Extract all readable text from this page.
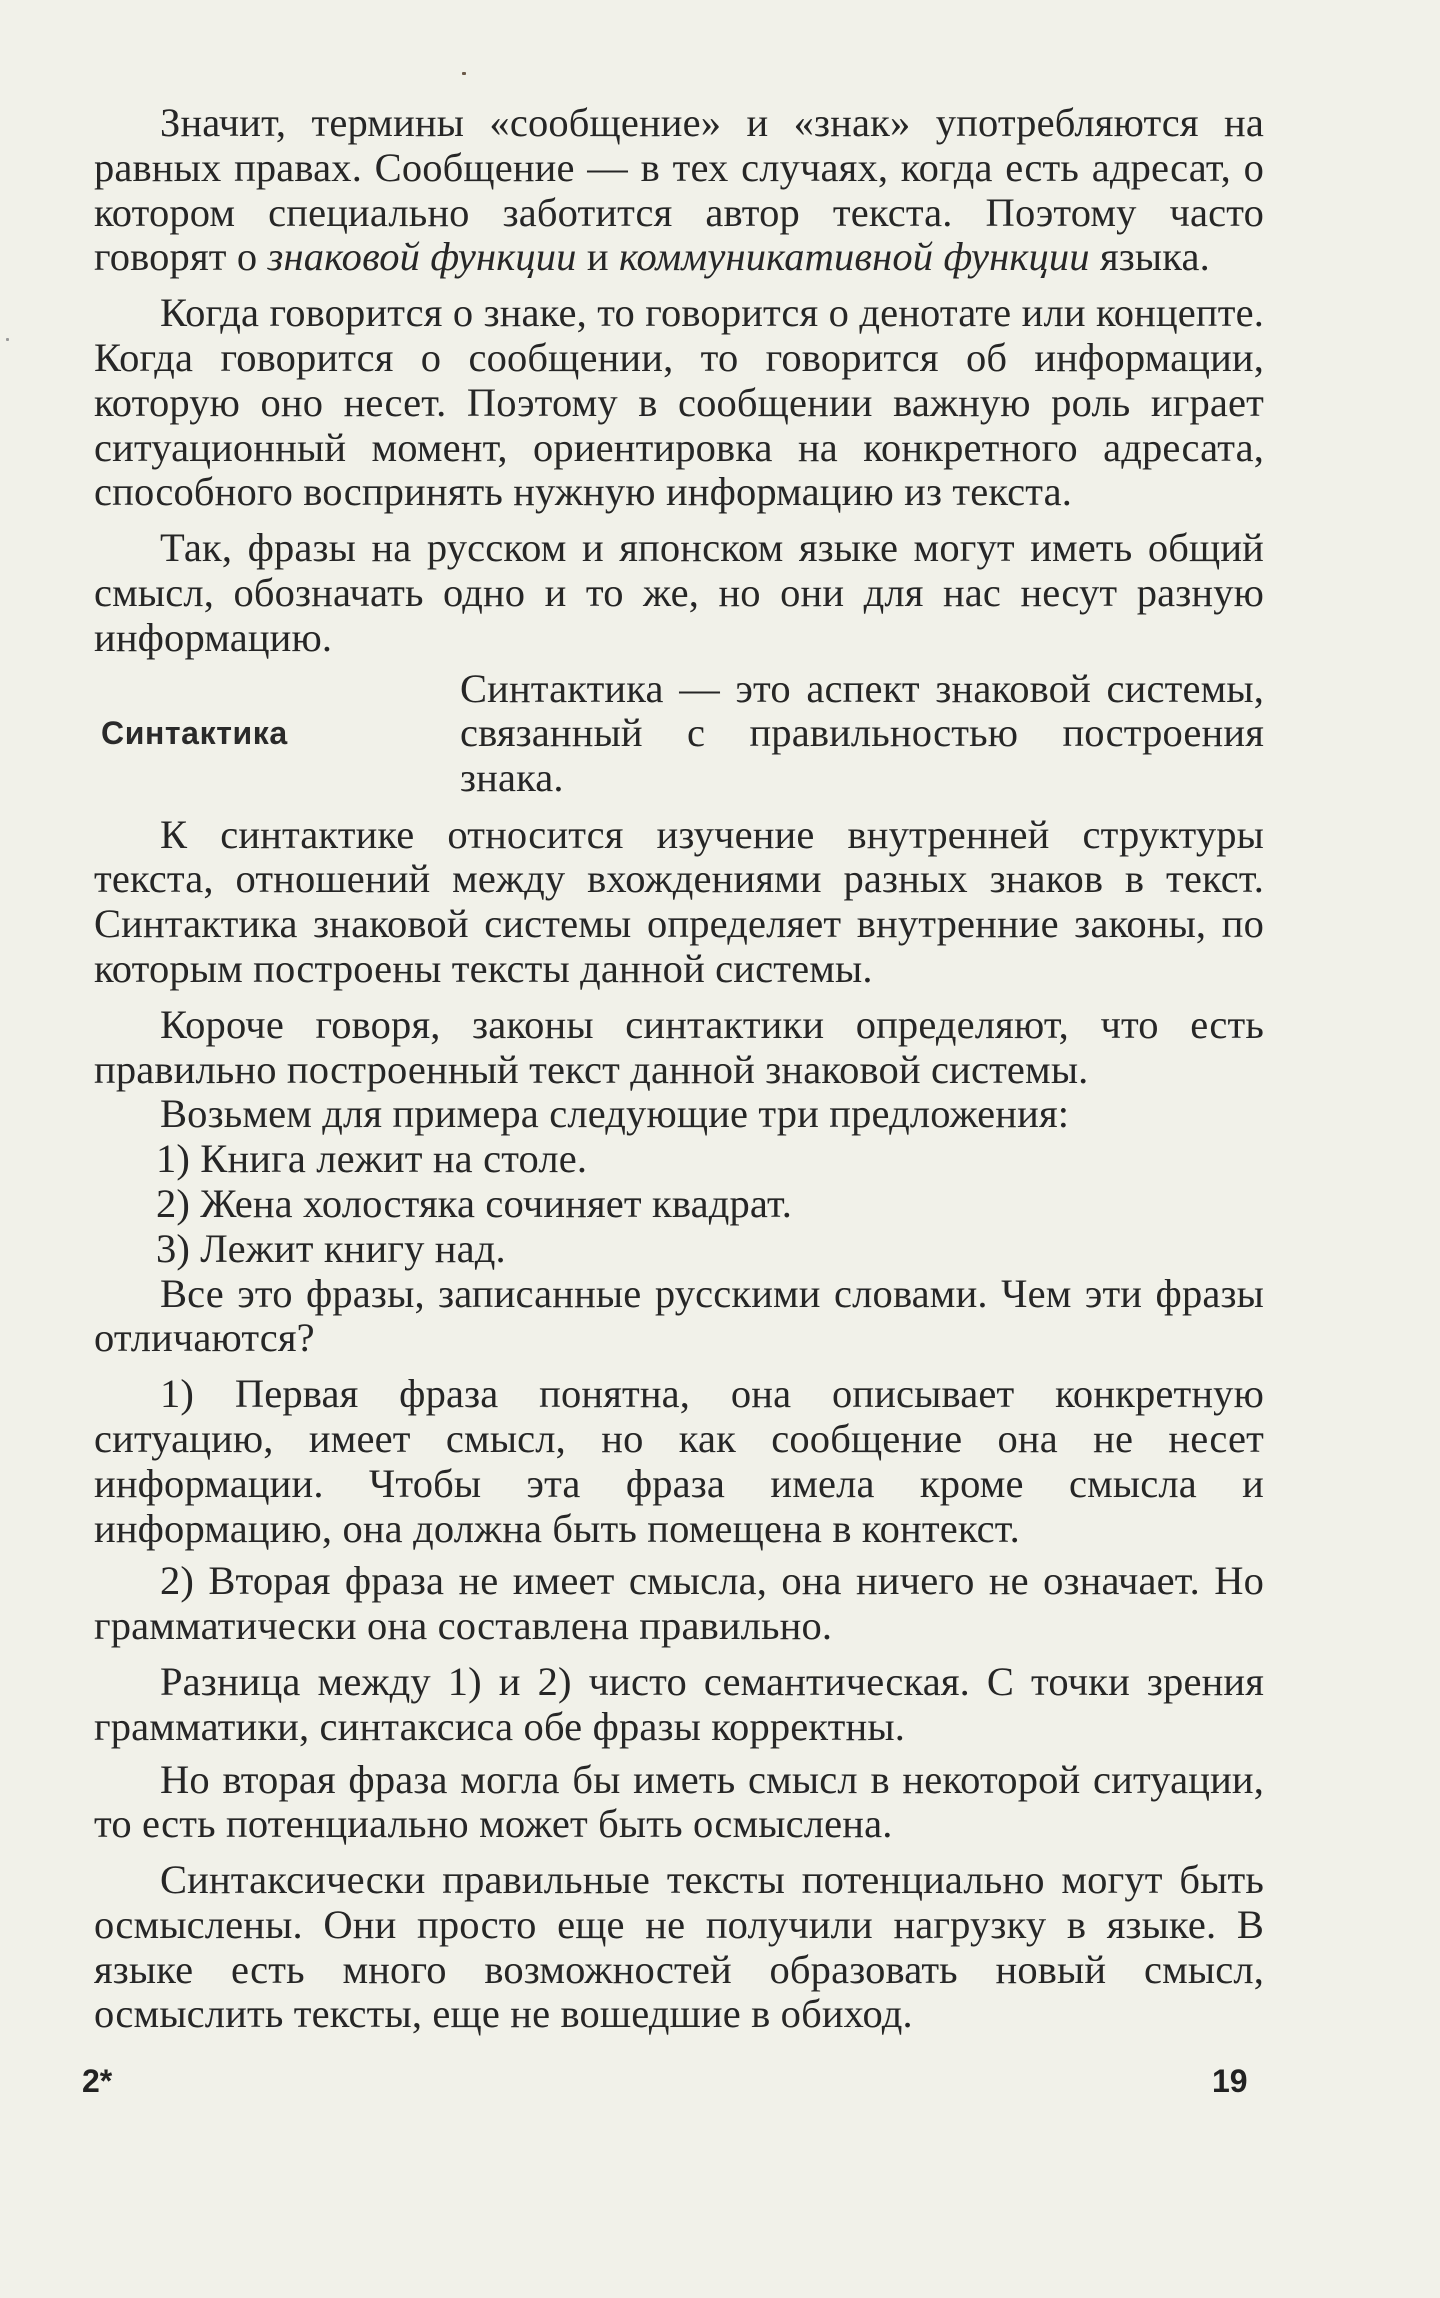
Значит, термины «сообщение» и «знак» употребляются на равных правах. Сообщение — в тех случаях, когда есть адресат, о котором специально заботится автор текста. Поэтому часто говорят о знаковой функции и коммуникативной функции языка.

Когда говорится о знаке, то говорится о денотате или концепте. Когда говорится о сообщении, то говорится об информации, которую оно несет. Поэтому в сообщении важную роль играет ситуационный момент, ориентировка на конкретного адресата, способного воспринять нужную информацию из текста.

Так, фразы на русском и японском языке могут иметь общий смысл, обозначать одно и то же, но они для нас несут разную информацию.

Синтактика
Синтактика — это аспект знаковой системы, связанный с правильностью построения знака.

К синтактике относится изучение внутренней структуры текста, отношений между вхождениями разных знаков в текст. Синтактика знаковой системы определяет внутренние законы, по которым построены тексты данной системы.

Короче говоря, законы синтактики определяют, что есть правильно построенный текст данной знаковой системы.

Возьмем для примера следующие три предложения:

1) Книга лежит на столе.

2) Жена холостяка сочиняет квадрат.

3) Лежит книгу над.

Все это фразы, записанные русскими словами. Чем эти фразы отличаются?

1) Первая фраза понятна, она описывает конкретную ситуацию, имеет смысл, но как сообщение она не несет информации. Чтобы эта фраза имела кроме смысла и информацию, она должна быть помещена в контекст.

2) Вторая фраза не имеет смысла, она ничего не означает. Но грамматически она составлена правильно.

Разница между 1) и 2) чисто семантическая. С точки зрения грамматики, синтаксиса обе фразы корректны.

Но вторая фраза могла бы иметь смысл в некоторой ситуации, то есть потенциально может быть осмыслена.

Синтаксически правильные тексты потенциально могут быть осмыслены. Они просто еще не получили нагрузку в языке. В языке есть много возможностей образовать новый смысл, осмыслить тексты, еще не вошедшие в обиход.

2*	19
